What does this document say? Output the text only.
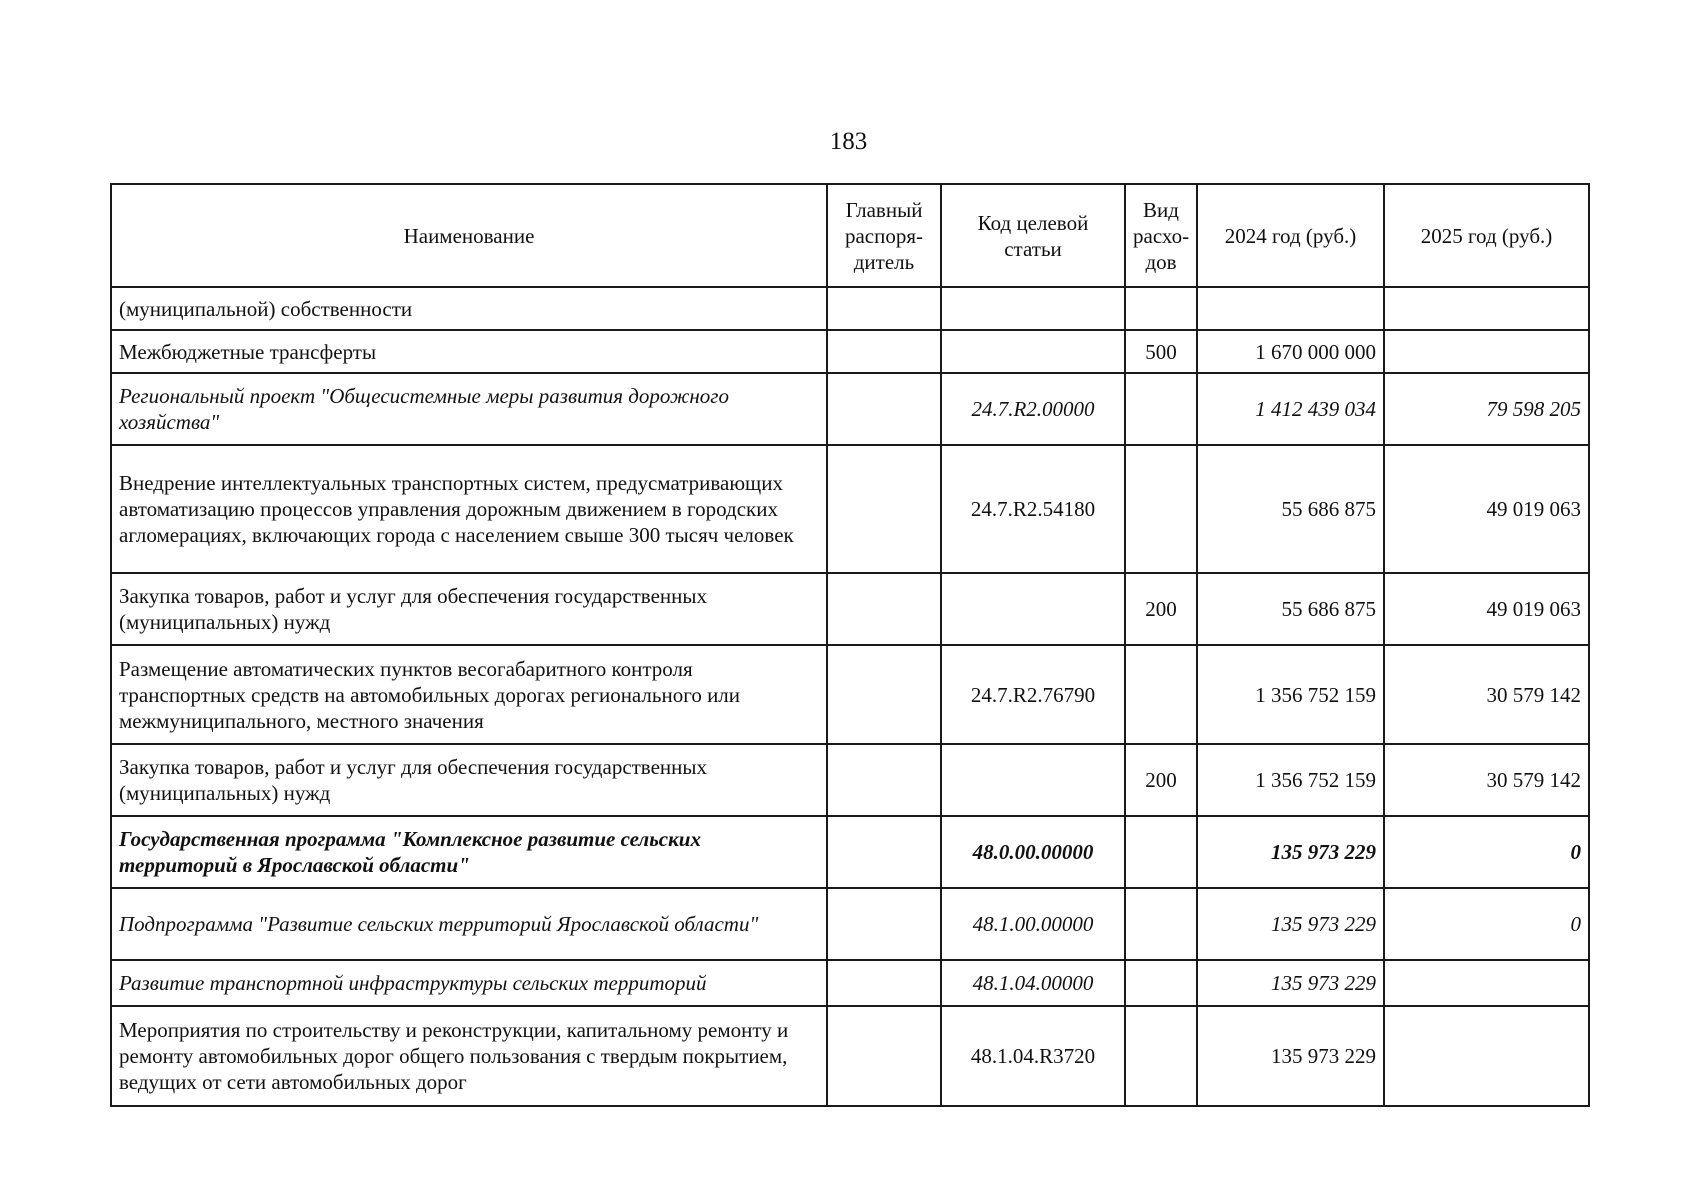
183
Наименование	Главный распоря-дитель	Код целевой статьи	Вид расхо-дов	2024 год (руб.)	2025 год (руб.)
(муниципальной) собственности					
Межбюджетные трансферты			500	1 670 000 000	
Региональный проект "Общесистемные меры развития дорожного хозяйства"		24.7.R2.00000		1 412 439 034	79 598 205
Внедрение интеллектуальных транспортных систем, предусматривающих автоматизацию процессов управления дорожным движением в городских агломерациях, включающих города с населением свыше 300 тысяч человек		24.7.R2.54180		55 686 875	49 019 063
Закупка товаров, работ и услуг для обеспечения государственных (муниципальных) нужд			200	55 686 875	49 019 063
Размещение автоматических пунктов весогабаритного контроля транспортных средств на автомобильных дорогах регионального или межмуниципального, местного значения		24.7.R2.76790		1 356 752 159	30 579 142
Закупка товаров, работ и услуг для обеспечения государственных (муниципальных) нужд			200	1 356 752 159	30 579 142
Государственная программа "Комплексное развитие сельских территорий в Ярославской области"		48.0.00.00000		135 973 229	0
Подпрограмма "Развитие сельских территорий Ярославской области"		48.1.00.00000		135 973 229	0
Развитие транспортной инфраструктуры сельских территорий		48.1.04.00000		135 973 229	
Мероприятия по строительству и реконструкции, капитальному ремонту и ремонту автомобильных дорог общего пользования с твердым покрытием, ведущих от сети автомобильных дорог		48.1.04.R3720		135 973 229	
